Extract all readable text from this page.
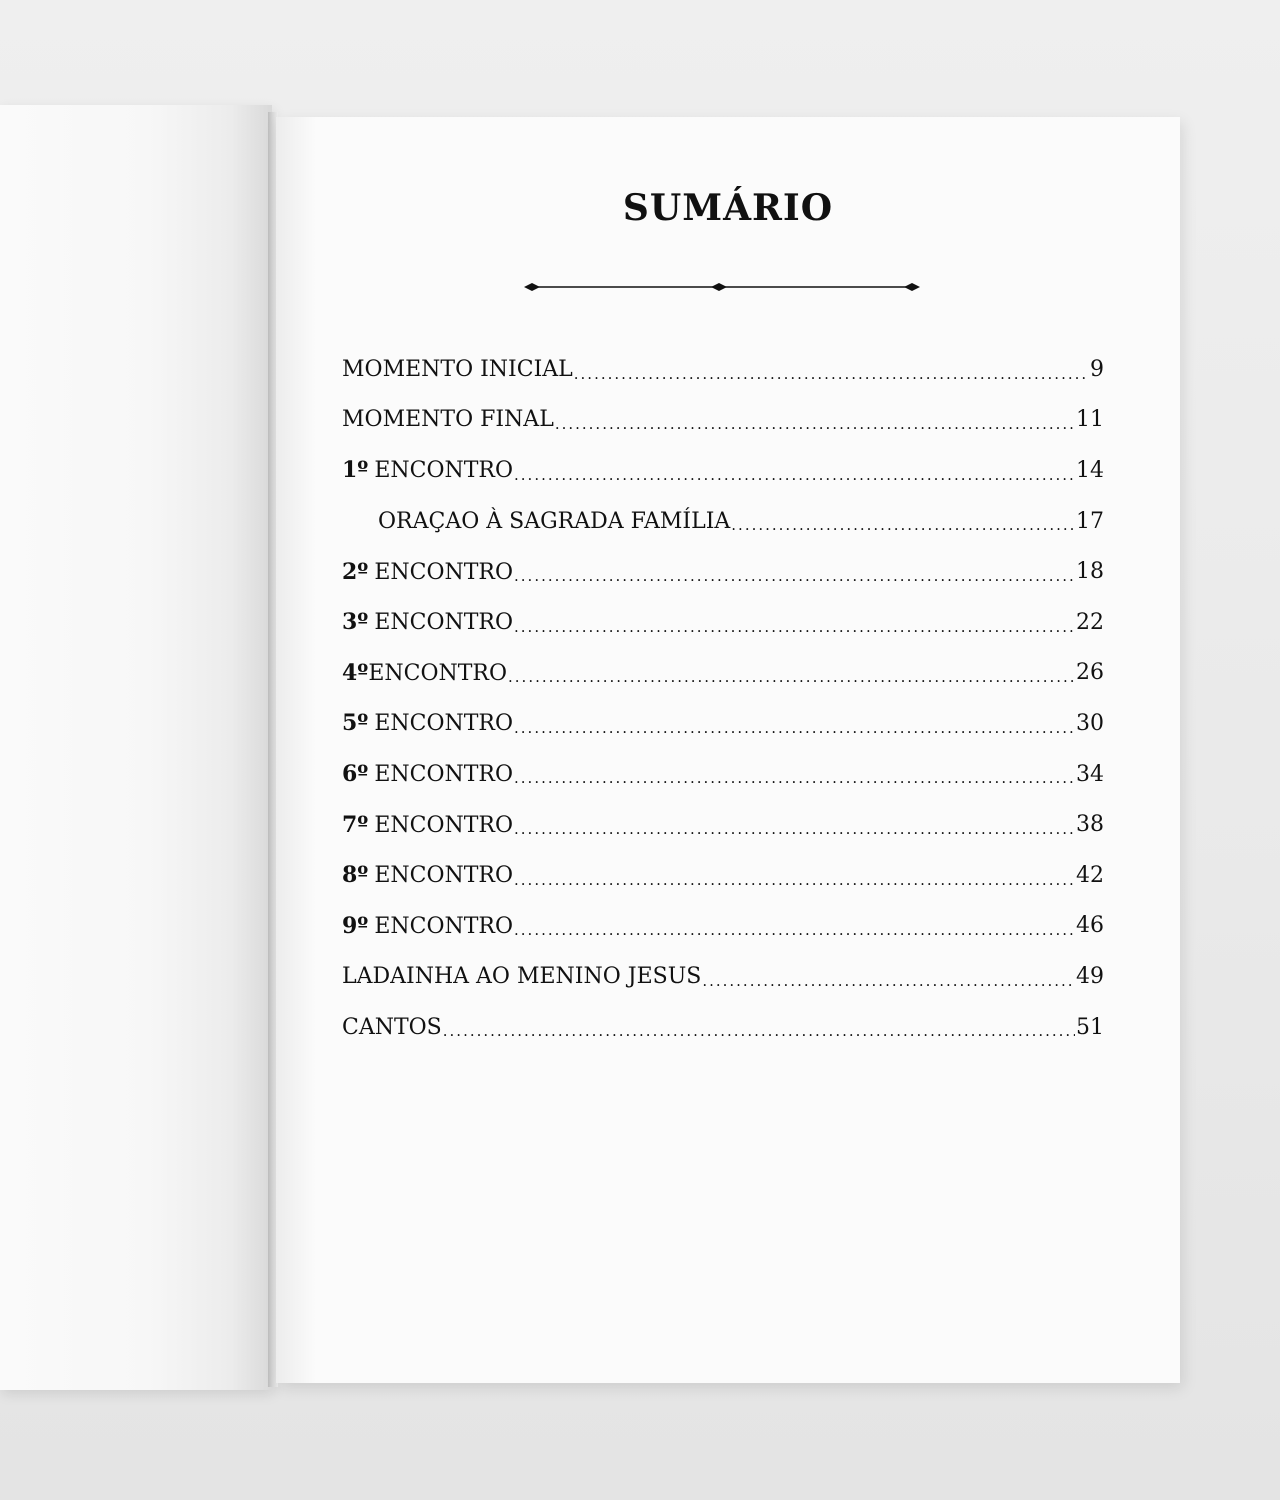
SUMÁRIO
MOMENTO INICIAL .....	9
MOMENTO FINAL .....	11
1º ENCONTRO .....	14
ORAÇAO À SAGRADA FAMÍLIA .....	17
2º ENCONTRO .....	18
3º ENCONTRO .....	22
4º ENCONTRO .....	26
5º ENCONTRO .....	30
6º ENCONTRO .....	34
7º ENCONTRO .....	38
8º ENCONTRO .....	42
9º ENCONTRO .....	46
LADAINHA AO MENINO JESUS .....	49
CANTOS .....	51
